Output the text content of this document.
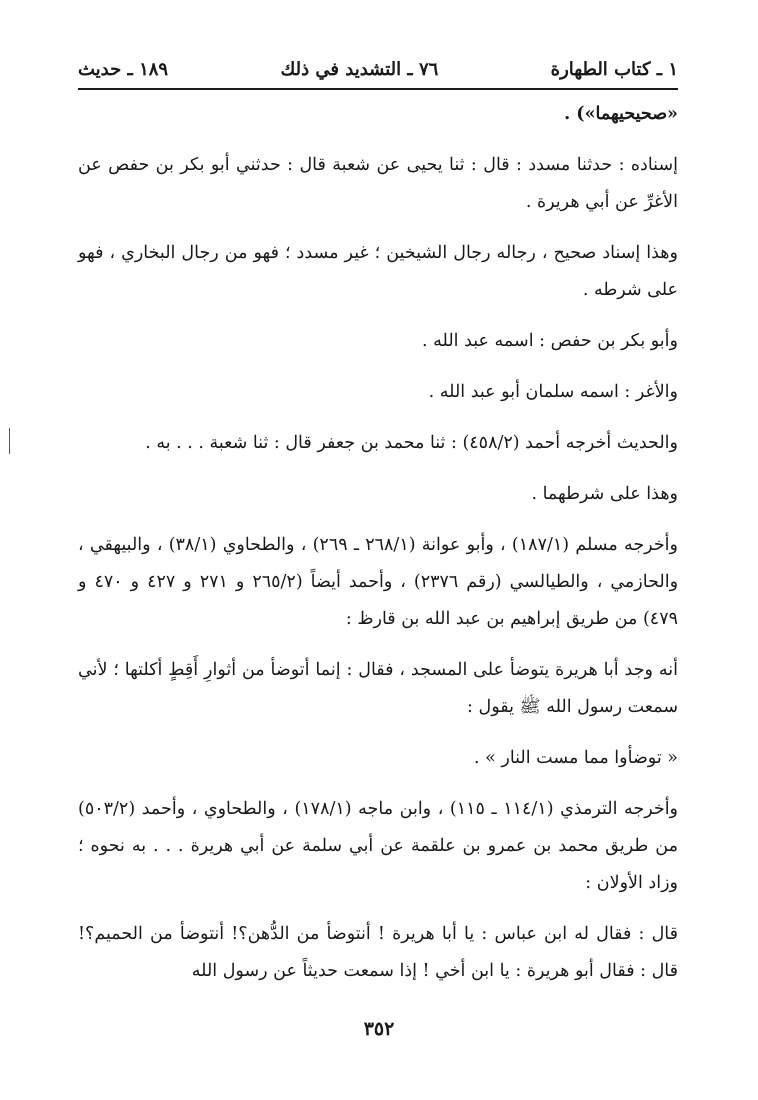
١٨٩ ـ حديث	٧٦ ـ التشديد في ذلك	١ ـ كتاب الطهارة

«صحيحيهما») .

إسناده : حدثنا مسدد : قال : ثنا يحيى عن شعبة قال : حدثني أبو بكر بن حفص عن الأغرِّ عن أبي هريرة .

وهذا إسناد صحيح ، رجاله رجال الشيخين ؛ غير مسدد ؛ فهو من رجال البخاري ، فهو على شرطه .

وأبو بكر بن حفص : اسمه عبد الله .

والأغر : اسمه سلمان أبو عبد الله .

والحديث أخرجه أحمد (٤٥٨/٢) : ثنا محمد بن جعفر قال : ثنا شعبة . . . به .

وهذا على شرطهما .

وأخرجه مسلم (١٨٧/١) ، وأبو عوانة (٢٦٨/١ ـ ٢٦٩) ، والطحاوي (٣٨/١) ، والبيهقي ، والحازمي ، والطيالسي (رقم ٢٣٧٦) ، وأحمد أيضاً (٢٦٥/٢ و ٢٧١ و ٤٢٧ و ٤٧٠ و ٤٧٩) من طريق إبراهيم بن عبد الله بن قارظ :

أنه وجد أبا هريرة يتوضأ على المسجد ، فقال : إنما أتوضأ من أثوارِ أَقِطٍ أكلتها ؛ لأني سمعت رسول الله ﷺ يقول :

« توضأوا مما مست النار » .

وأخرجه الترمذي (١١٤/١ ـ ١١٥) ، وابن ماجه (١٧٨/١) ، والطحاوي ، وأحمد (٥٠٣/٢) من طريق محمد بن عمرو بن علقمة عن أبي سلمة عن أبي هريرة . . . به نحوه ؛ وزاد الأولان :

قال : فقال له ابن عباس : يا أبا هريرة ! أنتوضأ من الدُّهن؟! أنتوضأ من الحميم؟! قال : فقال أبو هريرة : يا ابن أخي ! إذا سمعت حديثاً عن رسول الله

٣٥٢
